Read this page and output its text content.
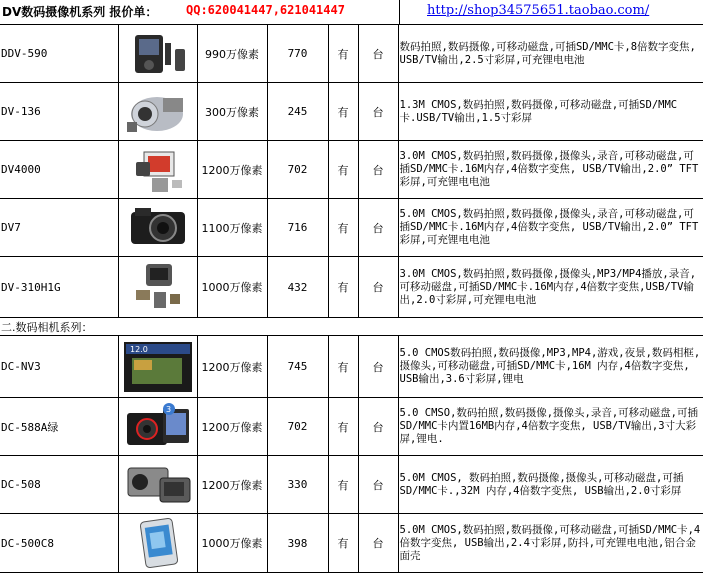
DV数码摄像机系列 报价单： QQ:620041447,621041447	http://shop34575651.taobao.com/
DDV-590		990万像素	770	有	台	数码拍照,数码摄像,可移动磁盘,可插SD/MMC卡,8倍数字变焦, USB/TV输出,2.5寸彩屏,可充锂电电池
DV-136		300万像素	245	有	台	1.3M CMOS,数码拍照,数码摄像,可移动磁盘,可插SD/MMC卡.USB/TV输出,1.5寸彩屏
DV4000		1200万像素	702	有	台	3.0M CMOS,数码拍照,数码摄像,摄像头,录音,可移动磁盘,可插SD/MMC卡.16M内存,4倍数字变焦, USB/TV输出,2.0” TFT彩屏,可充锂电电池
DV7		1100万像素	716	有	台	5.0M CMOS,数码拍照,数码摄像,摄像头,录音,可移动磁盘,可插SD/MMC卡.16M内存,4倍数字变焦, USB/TV输出,2.0” TFT彩屏,可充锂电电池
DV-310H1G		1000万像素	432	有	台	3.0M CMOS,数码拍照,数码摄像,摄像头,MP3/MP4播放,录音,可移动磁盘,可插SD/MMC卡.16M内存,4倍数字变焦,USB/TV输出,2.0寸彩屏,可充锂电电池
二.数码相机系列：						
DC-NV3	12.0	1200万像素	745	有	台	5.0 CMOS数码拍照,数码摄像,MP3,MP4,游戏,夜景,数码相框,摄像头,可移动磁盘,可插SD/MMC卡,16M 内存,4倍数字变焦, USB输出,3.6寸彩屏,锂电
DC-588A绿	3	1200万像素	702	有	台	5.0 CMSO,数码拍照,数码摄像,摄像头,录音,可移动磁盘,可插SD/MMC卡内置16MB内存,4倍数字变焦, USB/TV输出,3寸大彩屏,锂电.
DC-508		1200万像素	330	有	台	5.0M CMOS, 数码拍照,数码摄像,摄像头,可移动磁盘,可插SD/MMC卡.,32M 内存,4倍数字变焦, USB输出,2.0寸彩屏
DC-500C8		1000万像素	398	有	台	5.0M CMOS,数码拍照,数码摄像,可移动磁盘,可插SD/MMC卡,4倍数字变焦, USB输出,2.4寸彩屏,防抖,可充锂电电池,铝合金面壳
